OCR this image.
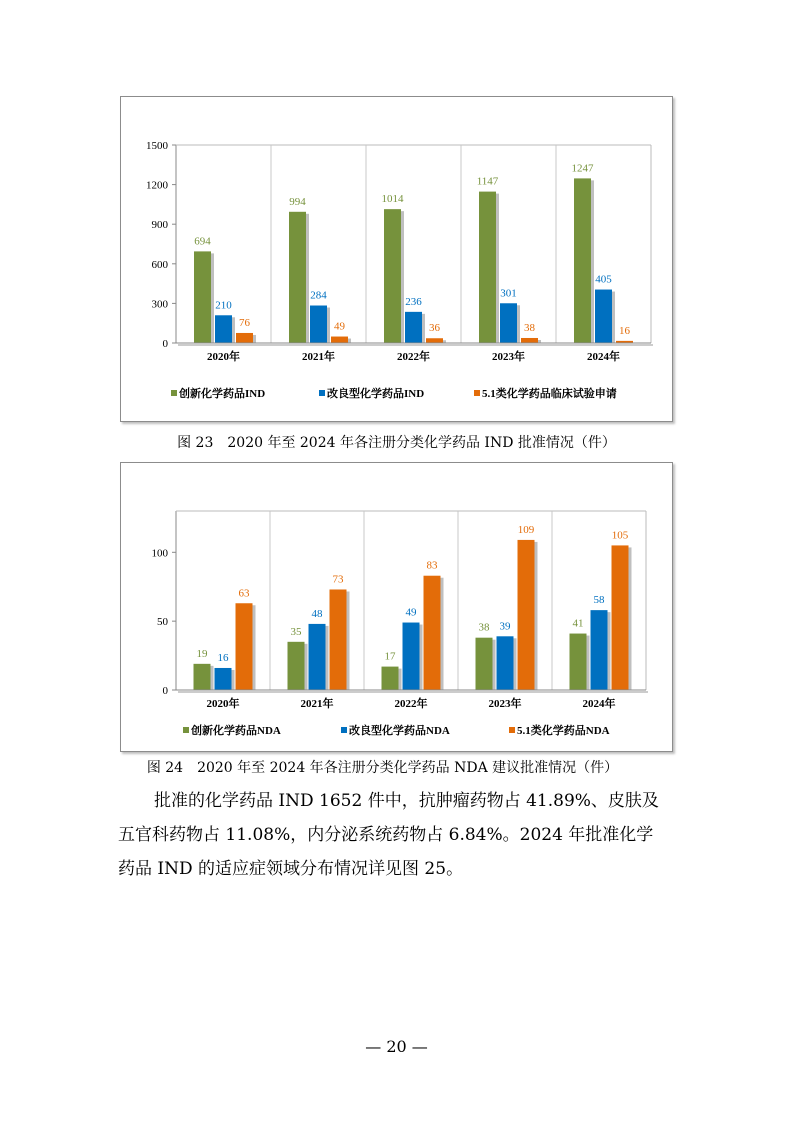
0
300
600
900
1200
1500
694
210
76
2020年
994
284
49
2021年
1014
236
36
2022年
1147
301
38
2023年
1247
405
16
2024年
创新化学药品IND	改良型化学药品IND	5.1类化学药品临床试验申请
图 23　2020 年至 2024 年各注册分类化学药品 IND 批准情况（件）
0
50
100
19 16
63
2020年
35
48
73
2021年
17
49
83
2022年
38 39
109
2023年
41
58
105
2024年
创新化学药品NDA	改良型化学药品NDA	5.1类化学药品NDA
图 24　2020 年至 2024 年各注册分类化学药品 NDA 建议批准情况（件）
批准的化学药品 IND 1652 件中，抗肿瘤药物占 41.89%、皮肤及
五官科药物占 11.08%，内分泌系统药物占 6.84%。2024 年批准化学
药品 IND 的适应症领域分布情况详见图 25。
— 20 —
